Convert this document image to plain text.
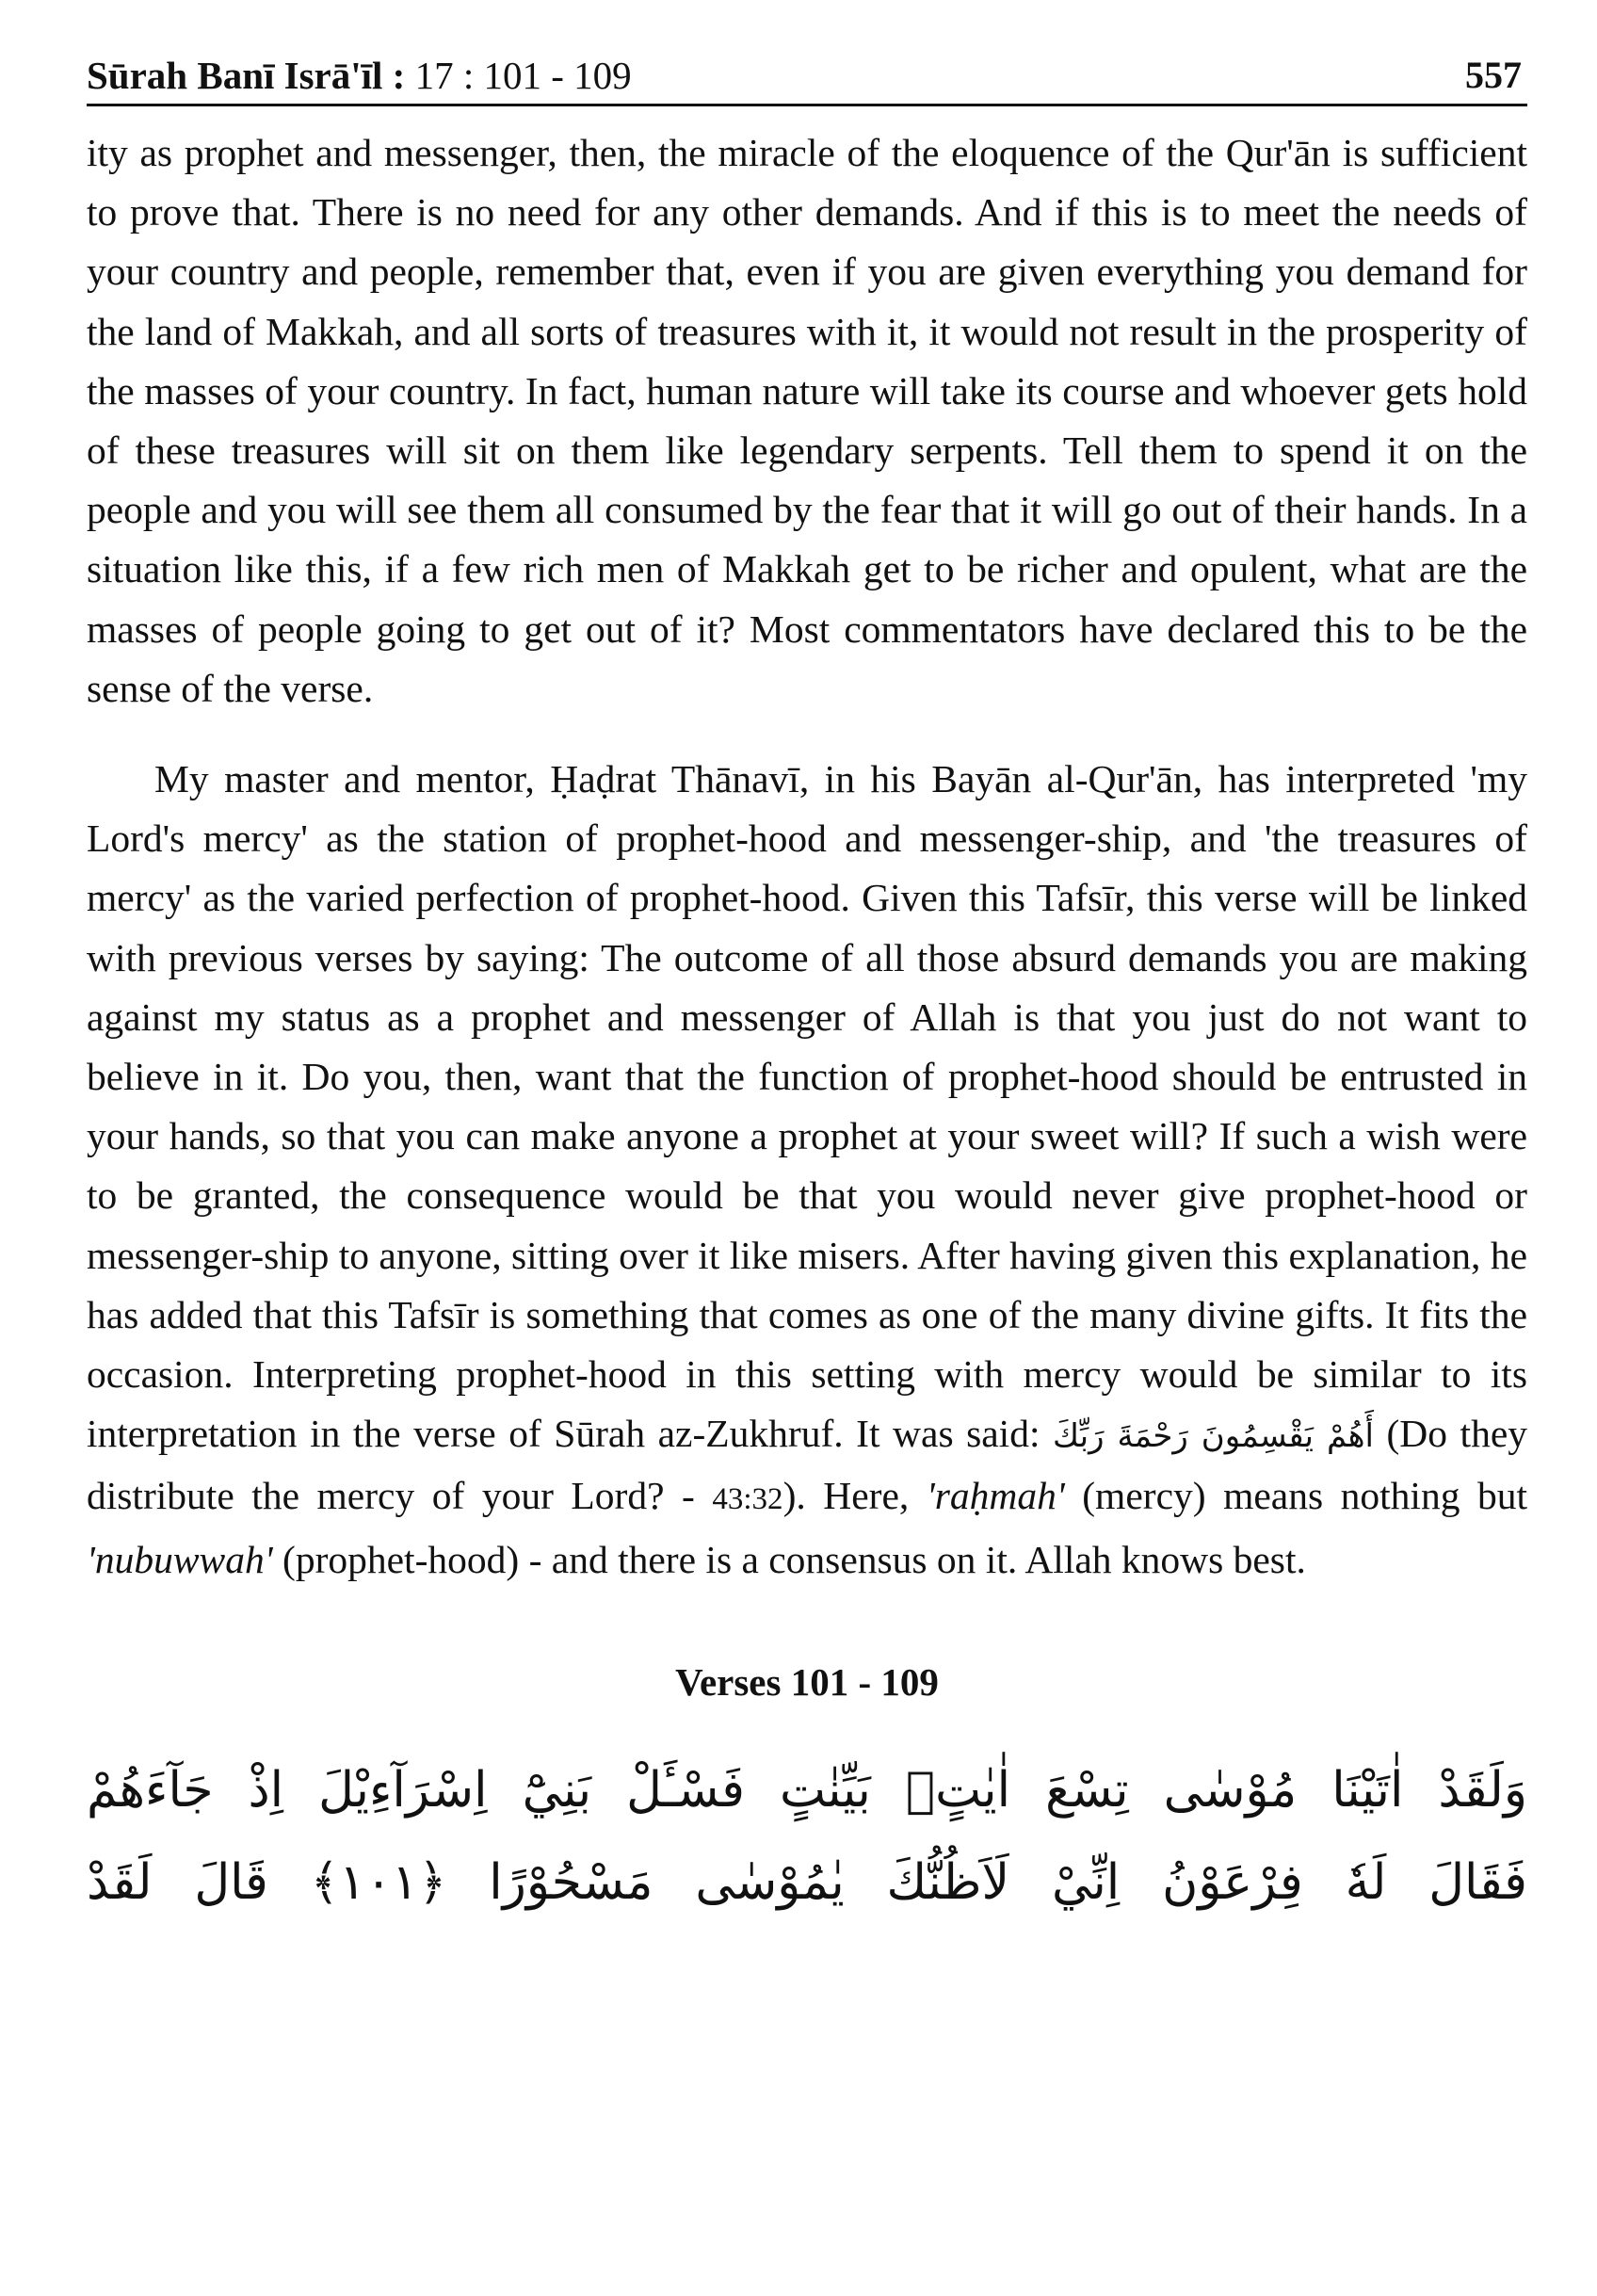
Sūrah Banī Isrā'īl : 17 : 101 - 109	557

ity as prophet and messenger, then, the miracle of the eloquence of the Qur'ān is sufficient to prove that. There is no need for any other demands. And if this is to meet the needs of your country and people, remember that, even if you are given everything you demand for the land of Makkah, and all sorts of treasures with it, it would not result in the prosperity of the masses of your country. In fact, human nature will take its course and whoever gets hold of these treasures will sit on them like legendary serpents. Tell them to spend it on the people and you will see them all consumed by the fear that it will go out of their hands. In a situation like this, if a few rich men of Makkah get to be richer and opulent, what are the masses of people going to get out of it? Most commentators have declared this to be the sense of the verse.

My master and mentor, Ḥaḍrat Thānavī, in his Bayān al-Qur'ān, has interpreted 'my Lord's mercy' as the station of prophet-hood and messenger-ship, and 'the treasures of mercy' as the varied perfection of prophet-hood. Given this Tafsīr, this verse will be linked with previous verses by saying: The outcome of all those absurd demands you are making against my status as a prophet and messenger of Allah is that you just do not want to believe in it. Do you, then, want that the function of prophet-hood should be entrusted in your hands, so that you can make anyone a prophet at your sweet will? If such a wish were to be granted, the consequence would be that you would never give prophet-hood or messenger-ship to anyone, sitting over it like misers. After having given this explanation, he has added that this Tafsīr is something that comes as one of the many divine gifts. It fits the occasion. Interpreting prophet-hood in this setting with mercy would be similar to its interpretation in the verse of Sūrah az-Zukhruf. It was said: أَهُمْ يَقْسِمُونَ رَحْمَةَ رَبِّكَ (Do they distribute the mercy of your Lord? - 43:32). Here, 'raḥmah' (mercy) means nothing but 'nubuwwah' (prophet-hood) - and there is a consensus on it. Allah knows best.

Verses 101 - 109
وَلَقَدْ اٰتَيْنَا مُوْسٰى تِسْعَ اٰيٰتٍۢ بَيِّنٰتٍ فَسْـَٔلْ بَنِيْٓ اِسْرَآءِيْلَ اِذْ جَآءَهُمْ
فَقَالَ لَهٗ فِرْعَوْنُ اِنِّيْ لَاَظُنُّكَ يٰمُوْسٰى مَسْحُوْرًا ﴿١٠١﴾ قَالَ لَقَدْ
